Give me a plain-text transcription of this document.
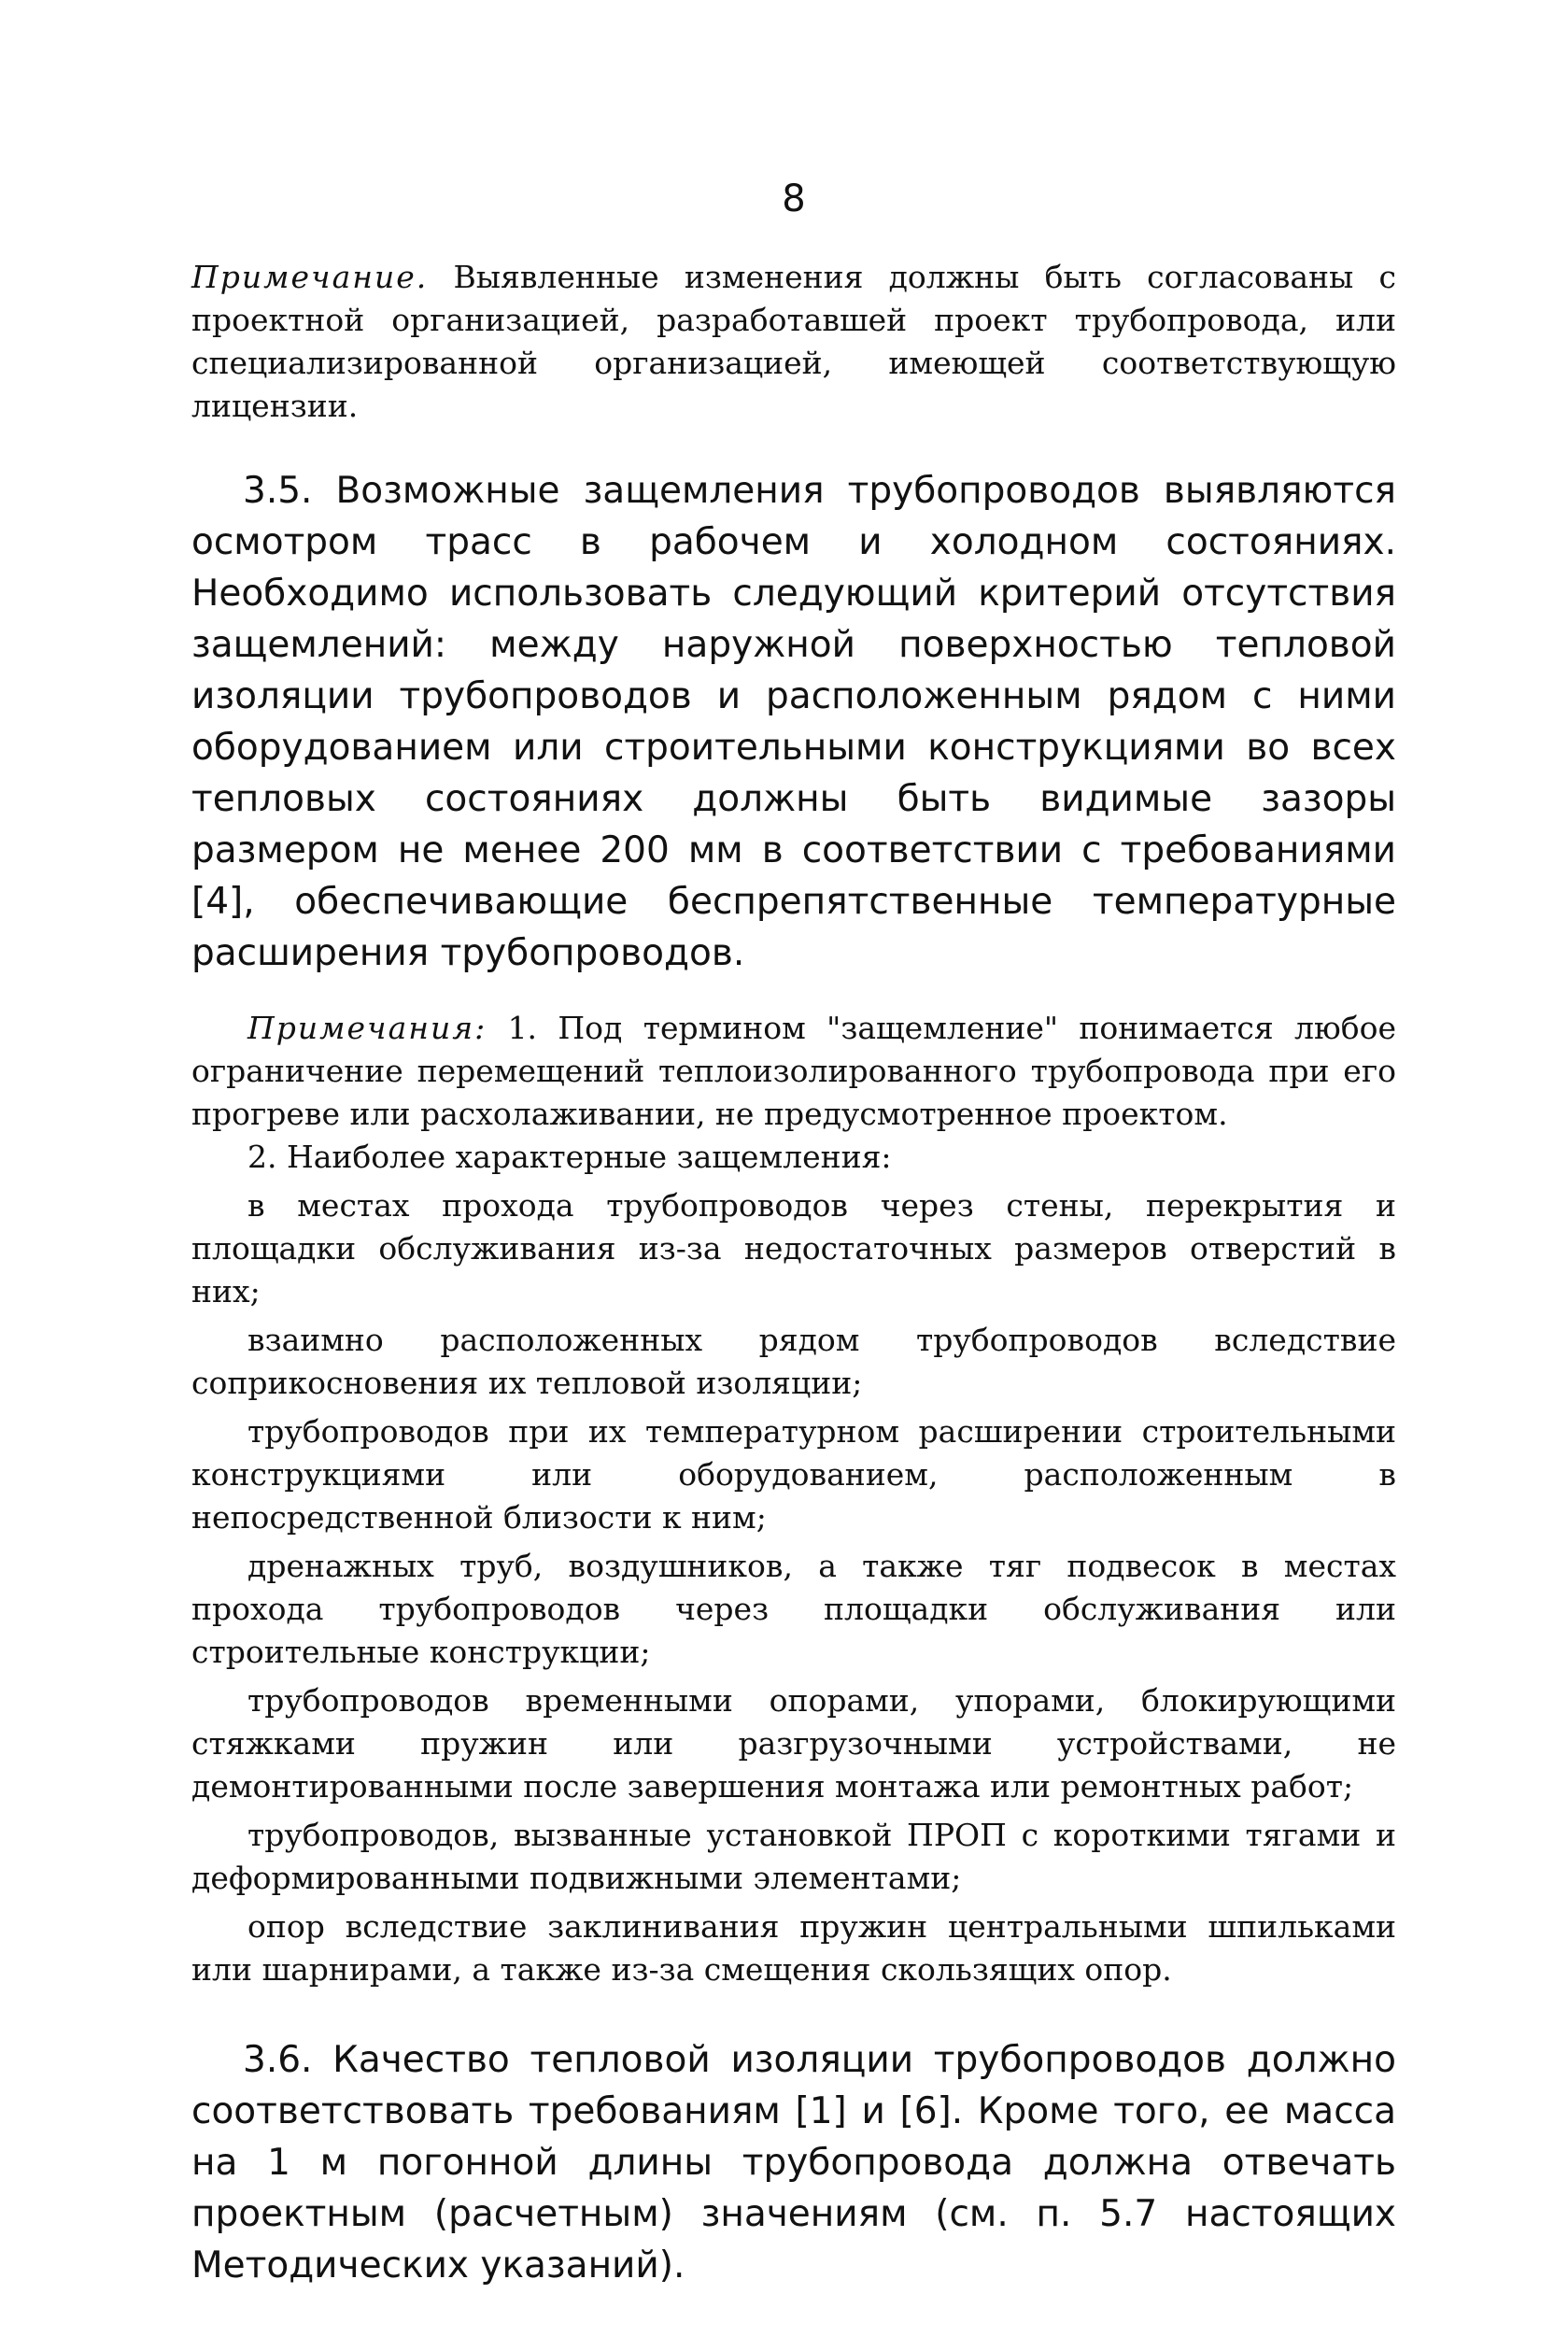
8

Примечание. Выявленные изменения должны быть согласованы с проектной организацией, разработавшей проект трубопровода, или специализированной организацией, имеющей соответствующую лицензии.

3.5. Возможные защемления трубопроводов выявляются осмотром трасс в рабочем и холодном состояниях. Необходимо использовать следующий критерий отсутствия защемлений: между наружной поверхностью тепловой изоляции трубопроводов и расположенным рядом с ними оборудованием или строительными конструкциями во всех тепловых состояниях должны быть видимые зазоры размером не менее 200 мм в соответствии с требованиями [4], обеспечивающие беспрепятственные температурные расширения трубопроводов.

Примечания: 1. Под термином "защемление" понимается любое ограничение перемещений теплоизолированного трубопровода при его прогреве или расхолаживании, не предусмотренное проектом.

2. Наиболее характерные защемления:

в местах прохода трубопроводов через стены, перекрытия и площадки обслуживания из-за недостаточных размеров отверстий в них;

взаимно расположенных рядом трубопроводов вследствие соприкосновения их тепловой изоляции;

трубопроводов при их температурном расширении строительными конструкциями или оборудованием, расположенным в непосредственной близости к ним;

дренажных труб, воздушников, а также тяг подвесок в местах прохода трубопроводов через площадки обслуживания или строительные конструкции;

трубопроводов временными опорами, упорами, блокирующими стяжками пружин или разгрузочными устройствами, не демонтированными после завершения монтажа или ремонтных работ;

трубопроводов, вызванные установкой ПРОП с короткими тягами и деформированными подвижными элементами;

опор вследствие заклинивания пружин центральными шпильками или шарнирами, а также из-за смещения скользящих опор.

3.6. Качество тепловой изоляции трубопроводов должно соответствовать требованиям [1] и [6]. Кроме того, ее масса на 1 м погонной длины трубопровода должна отвечать проектным (расчетным) значениям (см. п. 5.7 настоящих Методических указаний).
